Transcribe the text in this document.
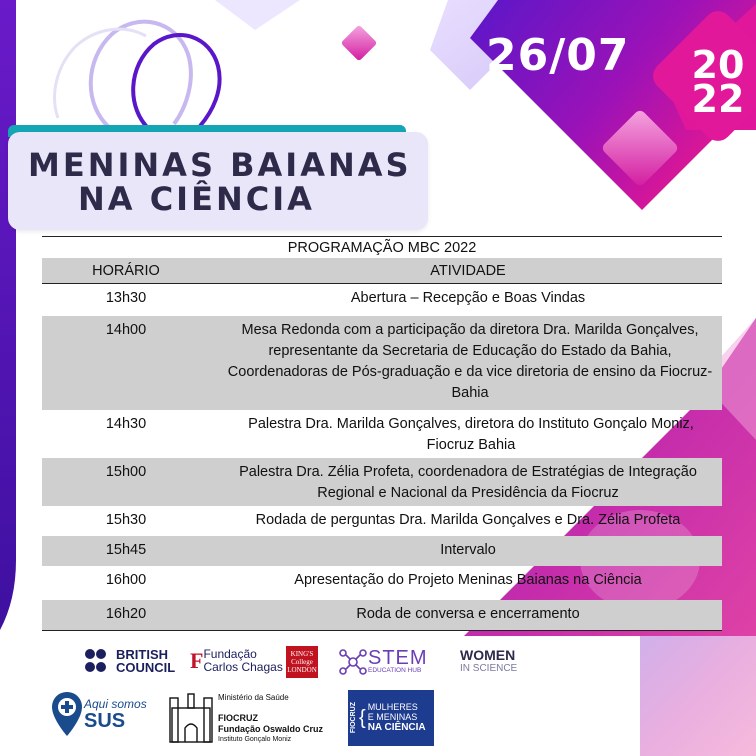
26/07 20
22
MENINAS BAIANAS
NA CIÊNCIA
PROGRAMAÇÃO MBC 2022
HORÁRIO	ATIVIDADE
13h30	Abertura – Recepção e Boas Vindas
14h00	Mesa Redonda com a participação da diretora Dra. Marilda Gonçalves, representante da Secretaria de Educação do Estado da Bahia, Coordenadoras de Pós-graduação e da vice diretoria de ensino da Fiocruz-Bahia
14h30	Palestra Dra. Marilda Gonçalves, diretora do Instituto Gonçalo Moniz, Fiocruz Bahia
15h00	Palestra Dra. Zélia Profeta, coordenadora de Estratégias de Integração Regional e Nacional da Presidência da Fiocruz
15h30	Rodada de perguntas Dra. Marilda Gonçalves e Dra. Zélia Profeta
15h45	Intervalo
16h00	Apresentação do Projeto Meninas Baianas na Ciência
16h20	Roda de conversa e encerramento
BRITISH
COUNCIL F Fundação
Carlos Chagas
KING'S
College
LONDON
STEM
EDUCATION HUB
WOMEN
IN SCIENCE
Aqui somos
SUS
Ministério da Saúde
FIOCRUZ
Fundação Oswaldo Cruz
Instituto Gonçalo Moniz
FIOCRUZ { MULHERES
E MENINAS
NA CIÊNCIA
